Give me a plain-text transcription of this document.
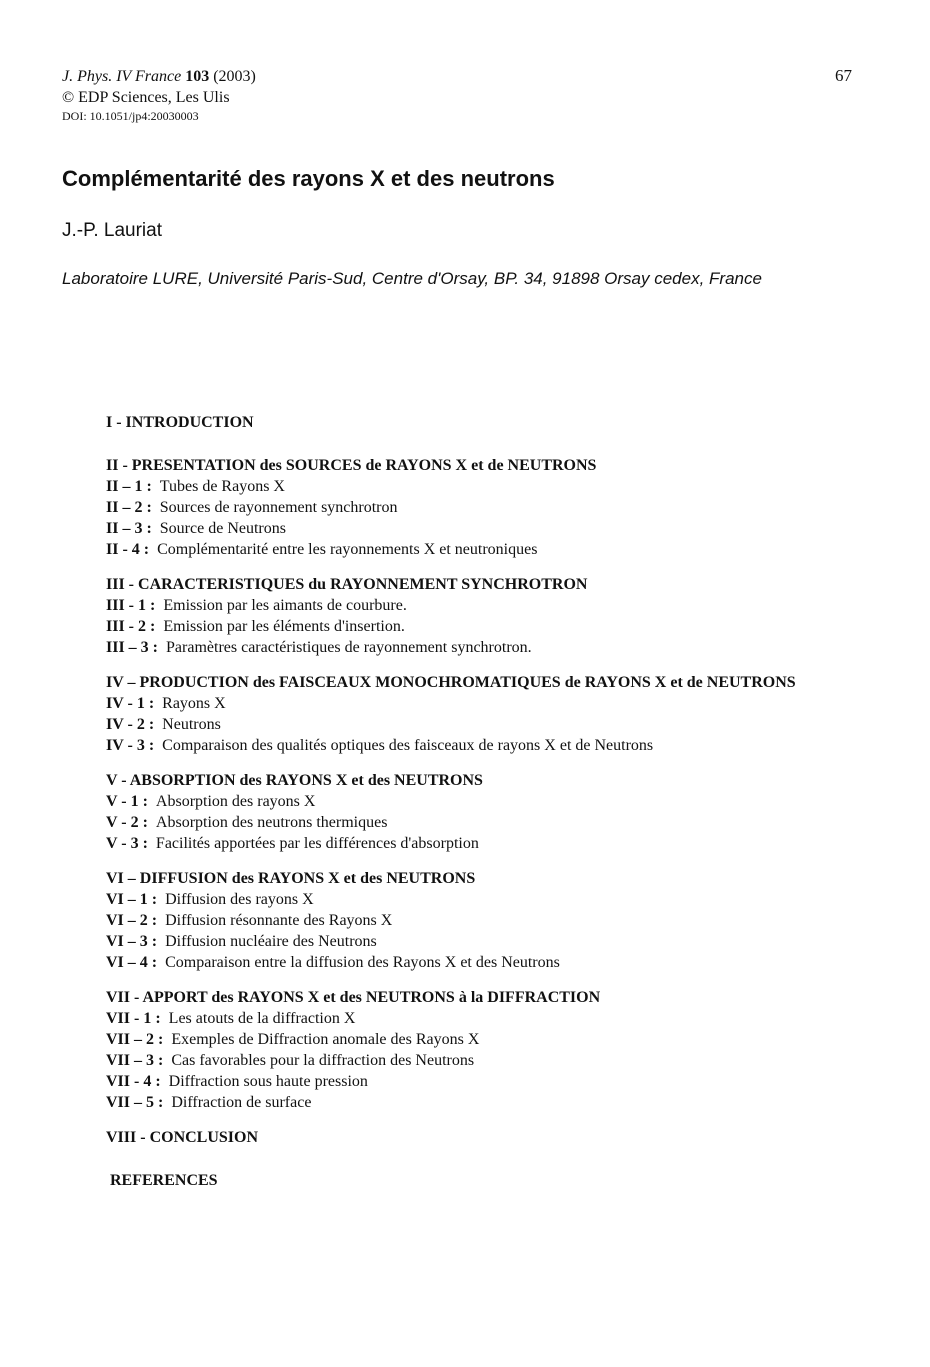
J. Phys. IV France 103 (2003)
© EDP Sciences, Les Ulis
DOI: 10.1051/jp4:20030003
67
Complémentarité des rayons X et des neutrons
J.-P. Lauriat
Laboratoire LURE, Université Paris-Sud, Centre d'Orsay, BP. 34, 91898 Orsay cedex, France
I - INTRODUCTION
II - PRESENTATION des SOURCES de RAYONS X et de NEUTRONS
II – 1 : Tubes de Rayons X
II – 2 : Sources de rayonnement synchrotron
II – 3 : Source de Neutrons
II - 4 : Complémentarité entre les rayonnements X et neutroniques
III - CARACTERISTIQUES du RAYONNEMENT SYNCHROTRON
III - 1 : Emission par les aimants de courbure.
III - 2 : Emission par les éléments d'insertion.
III – 3 : Paramètres caractéristiques de rayonnement synchrotron.
IV – PRODUCTION des FAISCEAUX MONOCHROMATIQUES de RAYONS X et de NEUTRONS
IV - 1 : Rayons X
IV - 2 : Neutrons
IV - 3 : Comparaison des qualités optiques des faisceaux de rayons X et de Neutrons
V - ABSORPTION des RAYONS X et des NEUTRONS
V - 1 : Absorption des rayons X
V - 2 : Absorption des neutrons thermiques
V - 3 : Facilités apportées par les différences d'absorption
VI – DIFFUSION des RAYONS X et des NEUTRONS
VI – 1 : Diffusion des rayons X
VI – 2 : Diffusion résonnante des Rayons X
VI – 3 : Diffusion nucléaire des Neutrons
VI – 4 : Comparaison entre la diffusion des Rayons X et des Neutrons
VII - APPORT des RAYONS X et des NEUTRONS à la DIFFRACTION
VII - 1 : Les atouts de la diffraction X
VII – 2 : Exemples de Diffraction anomale des Rayons X
VII – 3 : Cas favorables pour la diffraction des Neutrons
VII - 4 : Diffraction sous haute pression
VII – 5 : Diffraction de surface
VIII - CONCLUSION
REFERENCES
